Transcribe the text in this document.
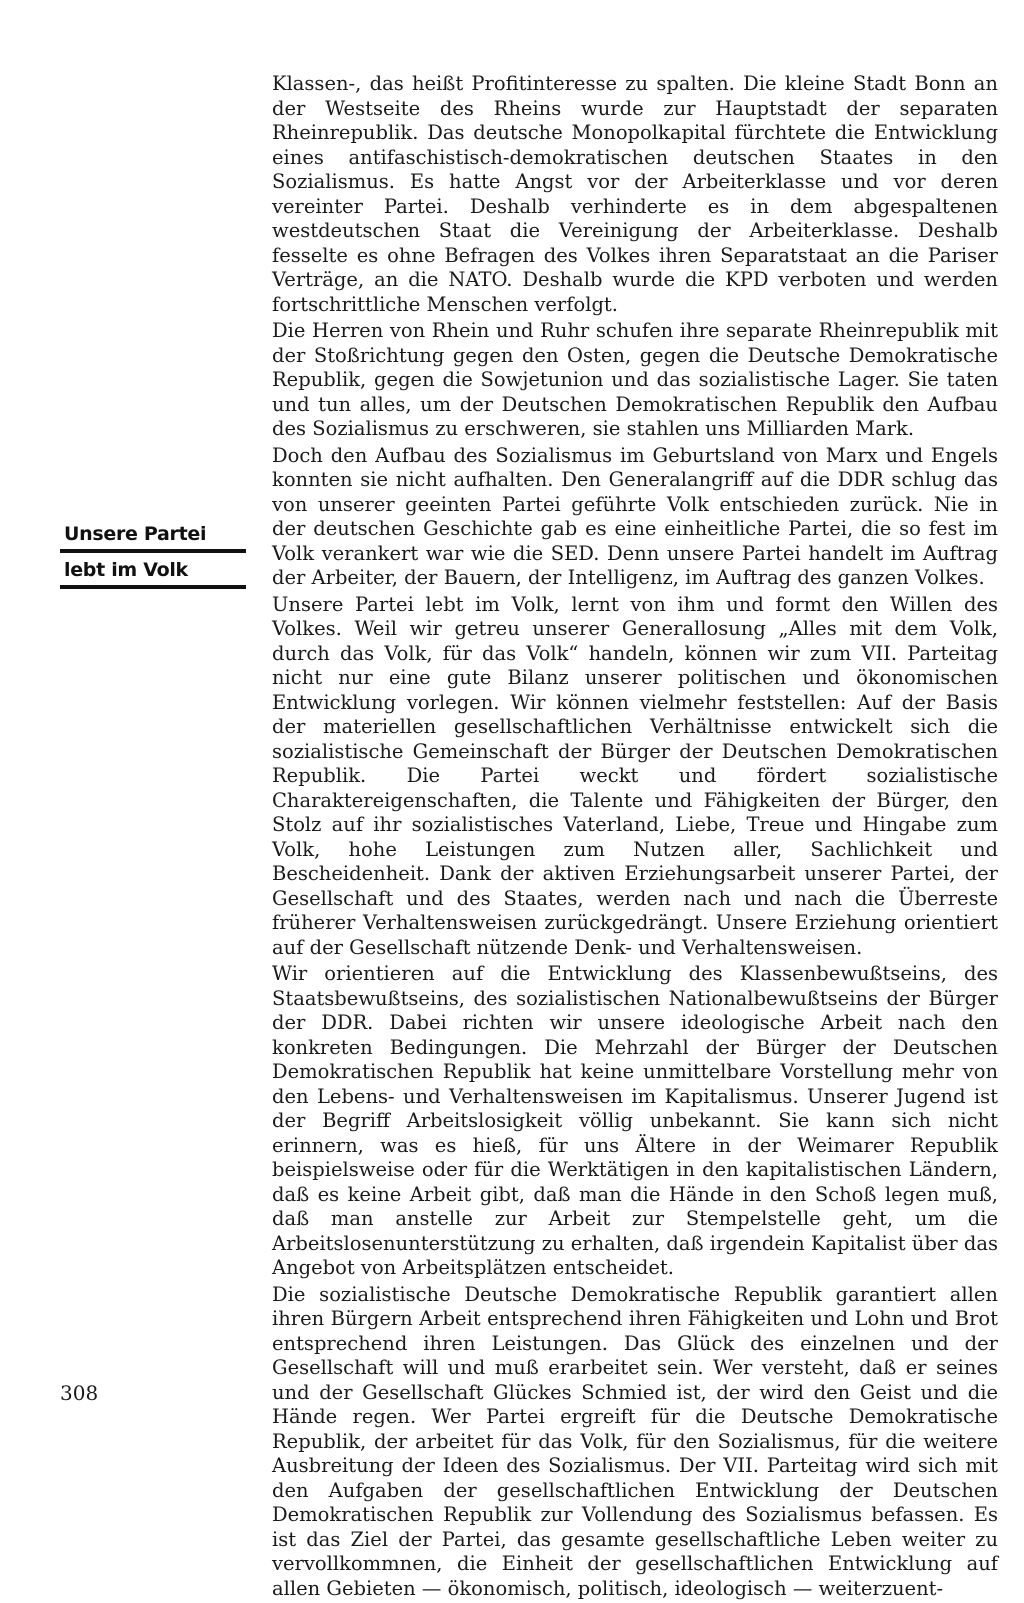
Unsere Partei
lebt im Volk

Klassen-, das heißt Profitinteresse zu spalten. Die kleine Stadt Bonn an der Westseite des Rheins wurde zur Hauptstadt der separaten Rheinrepublik. Das deutsche Monopolkapital fürchtete die Entwicklung eines antifaschistisch-demokratischen deutschen Staates in den Sozialismus. Es hatte Angst vor der Arbeiterklasse und vor deren vereinter Partei. Deshalb verhinderte es in dem abgespaltenen westdeutschen Staat die Vereinigung der Arbeiterklasse. Deshalb fesselte es ohne Befragen des Volkes ihren Separatstaat an die Pariser Verträge, an die NATO. Deshalb wurde die KPD verboten und werden fortschrittliche Menschen verfolgt.

Die Herren von Rhein und Ruhr schufen ihre separate Rheinrepublik mit der Stoßrichtung gegen den Osten, gegen die Deutsche Demokratische Republik, gegen die Sowjetunion und das sozialistische Lager. Sie taten und tun alles, um der Deutschen Demokratischen Republik den Aufbau des Sozialismus zu erschweren, sie stahlen uns Milliarden Mark.

Doch den Aufbau des Sozialismus im Geburtsland von Marx und Engels konnten sie nicht aufhalten. Den Generalangriff auf die DDR schlug das von unserer geeinten Partei geführte Volk entschieden zurück. Nie in der deutschen Geschichte gab es eine einheitliche Partei, die so fest im Volk verankert war wie die SED. Denn unsere Partei handelt im Auftrag der Arbeiter, der Bauern, der Intelligenz, im Auftrag des ganzen Volkes.

Unsere Partei lebt im Volk, lernt von ihm und formt den Willen des Volkes. Weil wir getreu unserer Generallosung „Alles mit dem Volk, durch das Volk, für das Volk“ handeln, können wir zum VII. Parteitag nicht nur eine gute Bilanz unserer politischen und ökonomischen Entwicklung vorlegen. Wir können vielmehr feststellen: Auf der Basis der materiellen gesellschaftlichen Verhältnisse entwickelt sich die sozialistische Gemeinschaft der Bürger der Deutschen Demokratischen Republik. Die Partei weckt und fördert sozialistische Charaktereigenschaften, die Talente und Fähigkeiten der Bürger, den Stolz auf ihr sozialistisches Vaterland, Liebe, Treue und Hingabe zum Volk, hohe Leistungen zum Nutzen aller, Sachlichkeit und Bescheidenheit. Dank der aktiven Erziehungsarbeit unserer Partei, der Gesellschaft und des Staates, werden nach und nach die Überreste früherer Verhaltensweisen zurückgedrängt. Unsere Erziehung orientiert auf der Gesellschaft nützende Denk- und Verhaltensweisen.

Wir orientieren auf die Entwicklung des Klassenbewußtseins, des Staatsbewußtseins, des sozialistischen Nationalbewußtseins der Bürger der DDR. Dabei richten wir unsere ideologische Arbeit nach den konkreten Bedingungen. Die Mehrzahl der Bürger der Deutschen Demokratischen Republik hat keine unmittelbare Vorstellung mehr von den Lebens- und Verhaltensweisen im Kapitalismus. Unserer Jugend ist der Begriff Arbeitslosigkeit völlig unbekannt. Sie kann sich nicht erinnern, was es hieß, für uns Ältere in der Weimarer Republik beispielsweise oder für die Werktätigen in den kapitalistischen Ländern, daß es keine Arbeit gibt, daß man die Hände in den Schoß legen muß, daß man anstelle zur Arbeit zur Stempelstelle geht, um die Arbeitslosenunterstützung zu erhalten, daß irgendein Kapitalist über das Angebot von Arbeitsplätzen entscheidet.

Die sozialistische Deutsche Demokratische Republik garantiert allen ihren Bürgern Arbeit entsprechend ihren Fähigkeiten und Lohn und Brot entsprechend ihren Leistungen. Das Glück des einzelnen und der Gesellschaft will und muß erarbeitet sein. Wer versteht, daß er seines und der Gesellschaft Glückes Schmied ist, der wird den Geist und die Hände regen. Wer Partei ergreift für die Deutsche Demokratische Republik, der arbeitet für das Volk, für den Sozialismus, für die weitere Ausbreitung der Ideen des Sozialismus. Der VII. Parteitag wird sich mit den Aufgaben der gesellschaftlichen Entwicklung der Deutschen Demokratischen Republik zur Vollendung des Sozialismus befassen. Es ist das Ziel der Partei, das gesamte gesellschaftliche Leben weiter zu vervollkommnen, die Einheit der gesellschaftlichen Entwicklung auf allen Gebieten — ökonomisch, politisch, ideologisch — weiterzuent-

308
